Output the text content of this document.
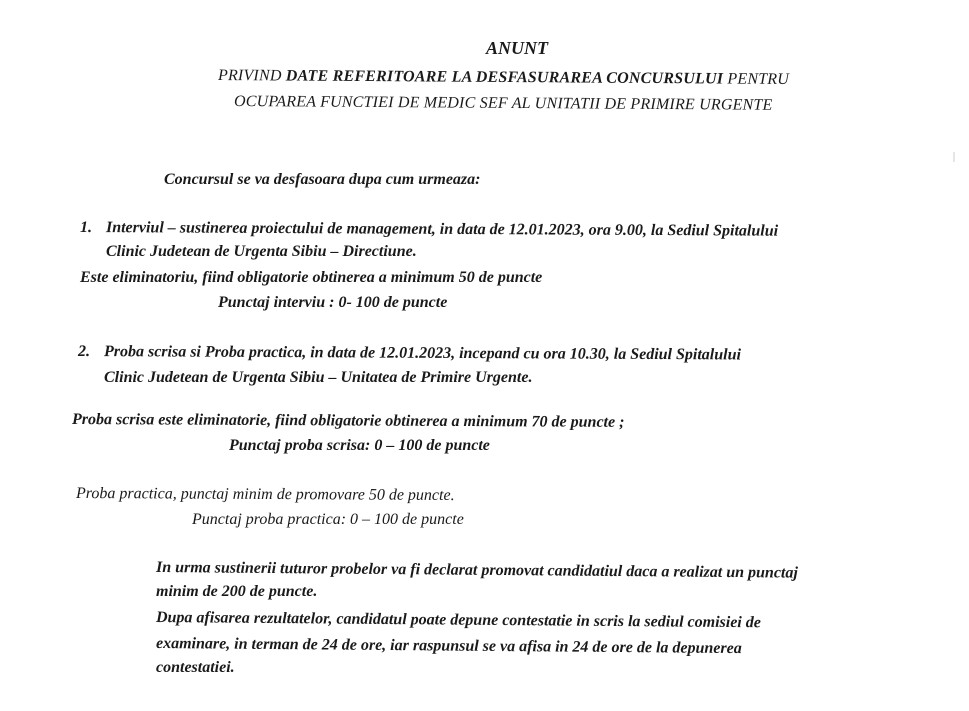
ANUNT
PRIVIND DATE REFERITOARE LA DESFASURAREA CONCURSULUI PENTRU
OCUPAREA FUNCTIEI DE MEDIC SEF AL UNITATII DE PRIMIRE URGENTE
Concursul se va desfasoara dupa cum urmeaza:
1. Interviul – sustinerea proiectului de management, in data de 12.01.2023, ora 9.00, la Sediul Spitalului
Clinic Judetean de Urgenta Sibiu – Directiune.
Este eliminatoriu, fiind obligatorie obtinerea a minimum 50 de puncte
Punctaj interviu : 0- 100 de puncte
2. Proba scrisa si Proba practica, in data de 12.01.2023, incepand cu ora 10.30, la Sediul Spitalului
Clinic Judetean de Urgenta Sibiu – Unitatea de Primire Urgente.
Proba scrisa este eliminatorie, fiind obligatorie obtinerea a minimum 70 de puncte ;
Punctaj proba scrisa: 0 – 100 de puncte
Proba practica, punctaj minim de promovare 50 de puncte.
Punctaj proba practica: 0 – 100 de puncte
In urma sustinerii tuturor probelor va fi declarat promovat candidatiul daca a realizat un punctaj
minim de 200 de puncte.
Dupa afisarea rezultatelor, candidatul poate depune contestatie in scris la sediul comisiei de
examinare, in terman de 24 de ore, iar raspunsul se va afisa in 24 de ore de la depunerea
contestatiei.
